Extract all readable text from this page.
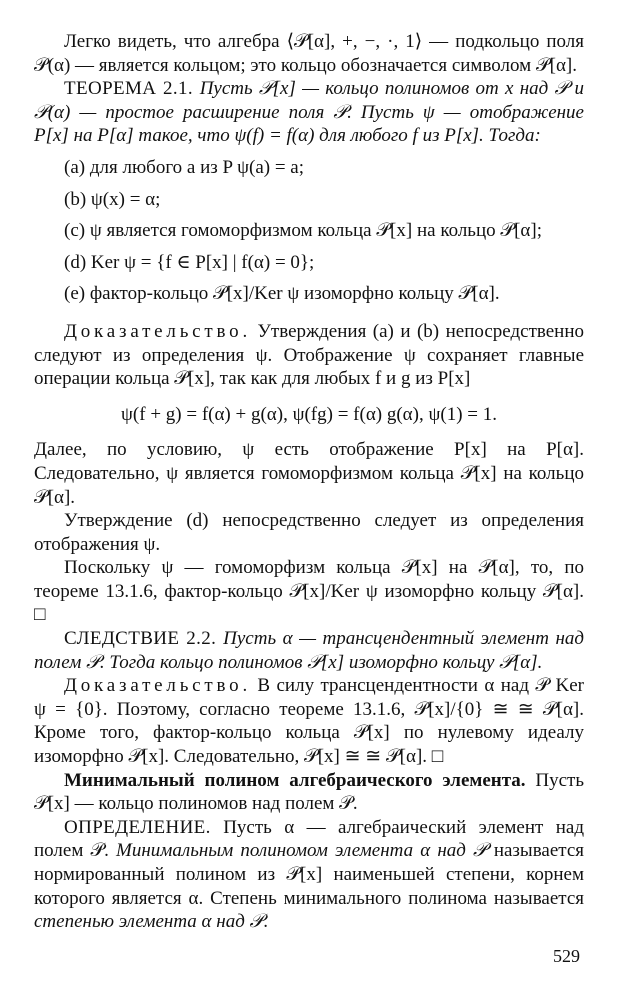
Легко видеть, что алгебра ⟨𝒫[α], +, −, ·, 1⟩ — подкольцо поля 𝒫(α) — является кольцом; это кольцо обозначается символом 𝒫[α].

ТЕОРЕМА 2.1. Пусть 𝒫[x] — кольцо полиномов от x над 𝒫 и 𝒫(α) — простое расширение поля 𝒫. Пусть ψ — отображение P[x] на P[α] такое, что ψ(f) = f(α) для любого f из P[x]. Тогда:

(a) для любого a из P ψ(a) = a;
(b) ψ(x) = α;
(c) ψ является гомоморфизмом кольца 𝒫[x] на кольцо 𝒫[α];
(d) Ker ψ = {f ∈ P[x] | f(α) = 0};
(e) фактор-кольцо 𝒫[x]/Ker ψ изоморфно кольцу 𝒫[α].

Доказательство. Утверждения (a) и (b) непосредственно следуют из определения ψ. Отображение ψ сохраняет главные операции кольца 𝒫[x], так как для любых f и g из P[x]

ψ(f + g) = f(α) + g(α), ψ(fg) = f(α) g(α), ψ(1) = 1.

Далее, по условию, ψ есть отображение P[x] на P[α]. Следовательно, ψ является гомоморфизмом кольца 𝒫[x] на кольцо 𝒫[α].

Утверждение (d) непосредственно следует из определения отображения ψ.

Поскольку ψ — гомоморфизм кольца 𝒫[x] на 𝒫[α], то, по теореме 13.1.6, фактор-кольцо 𝒫[x]/Ker ψ изоморфно кольцу 𝒫[α]. □

СЛЕДСТВИЕ 2.2. Пусть α — трансцендентный элемент над полем 𝒫. Тогда кольцо полиномов 𝒫[x] изоморфно кольцу 𝒫[α].

Доказательство. В силу трансцендентности α над 𝒫 Ker ψ = {0}. Поэтому, согласно теореме 13.1.6, 𝒫[x]/{0} ≅ ≅ 𝒫[α]. Кроме того, фактор-кольцо кольца 𝒫[x] по нулевому идеалу изоморфно 𝒫[x]. Следовательно, 𝒫[x] ≅ ≅ 𝒫[α]. □

Минимальный полином алгебраического элемента. Пусть 𝒫[x] — кольцо полиномов над полем 𝒫.

ОПРЕДЕЛЕНИЕ. Пусть α — алгебраический элемент над полем 𝒫. Минимальным полиномом элемента α над 𝒫 называется нормированный полином из 𝒫[x] наименьшей степени, корнем которого является α. Степень минимального полинома называется степенью элемента α над 𝒫.

529
